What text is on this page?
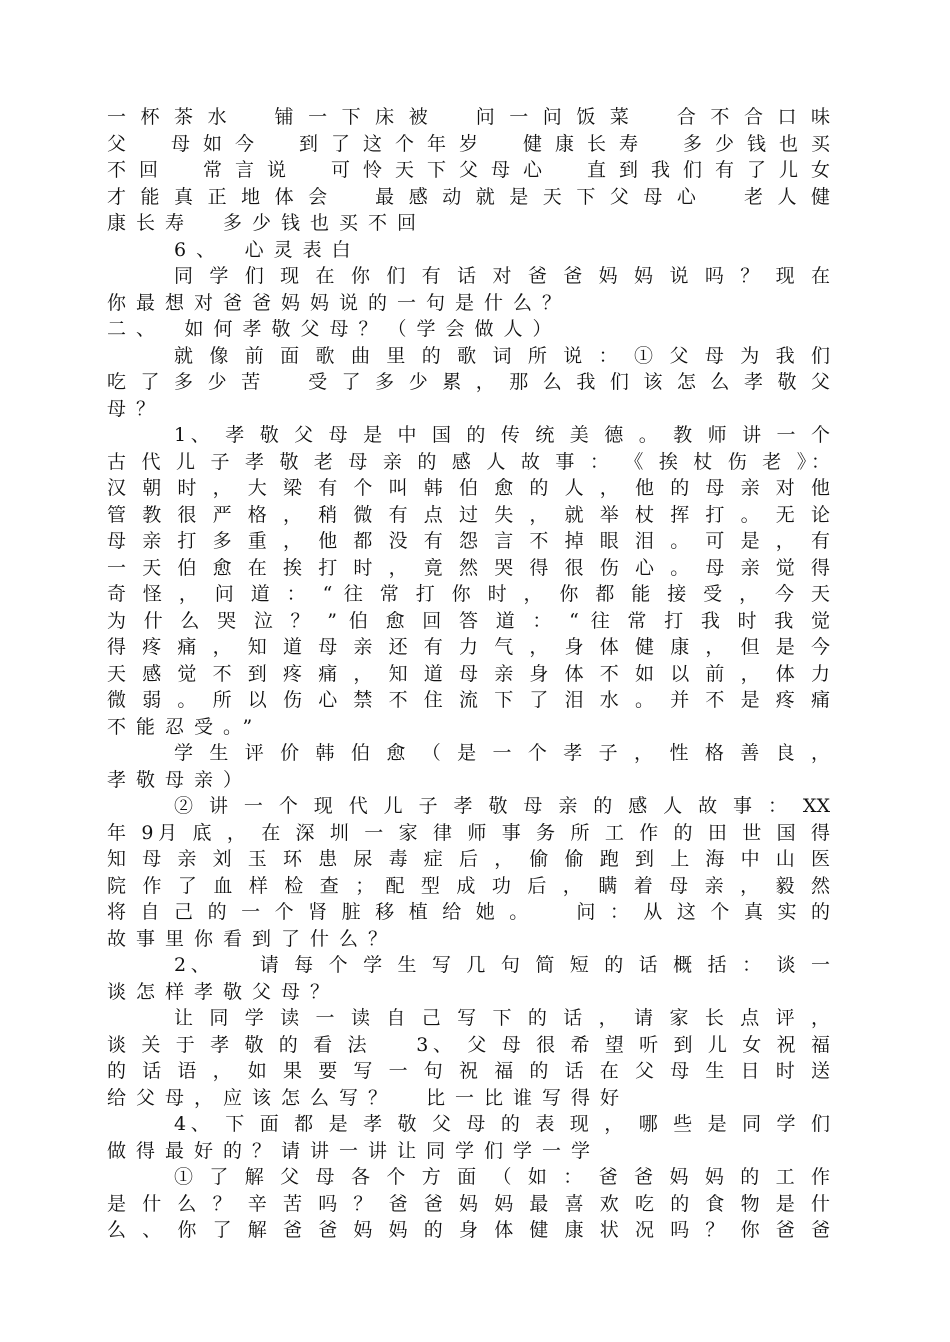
一 杯 茶 水 　 铺 一 下 床 被 　 问 一 问 饭 菜 　 合 不 合 口 味
父 　 母 如 今 　 到 了 这 个 年 岁 　 健 康 长 寿 　 多 少 钱 也 买
不 回 　 常 言 说 　 可 怜 天 下 父 母 心 　 直 到 我 们 有 了 儿 女
才 能 真 正 地 体 会 　 最 感 动 就 是 天 下 父 母 心 　 老 人 健
康长寿　多少钱也买不回
6、　心灵表白
同 学 们 现 在 你 们 有 话 对 爸 爸 妈 妈 说 吗 ？ 现 在
你最想对爸爸妈妈说的一句是什么？
二、　如何孝敬父母？（学会做人）
就 像 前 面 歌 曲 里 的 歌 词 所 说 ： ① 父 母 为 我 们
吃 了 多 少 苦 　 受 了 多 少 累 ， 那 么 我 们 该 怎 么 孝 敬 父
母？
1、 孝 敬 父 母 是 中 国 的 传 统 美 德 。 教 师 讲 一 个
古 代 儿 子 孝 敬 老 母 亲 的 感 人 故 事 ： 《 挨 杖 伤 老 》：
汉 朝 时 ， 大 梁 有 个 叫 韩 伯 愈 的 人 ， 他 的 母 亲 对 他
管 教 很 严 格 ， 稍 微 有 点 过 失 ， 就 举 杖 挥 打 。 无 论
母 亲 打 多 重 ， 他 都 没 有 怨 言 不 掉 眼 泪 。 可 是 ， 有
一 天 伯 愈 在 挨 打 时 ， 竟 然 哭 得 很 伤 心 。 母 亲 觉 得
奇 怪 ， 问 道 ： “ 往 常 打 你 时 ， 你 都 能 接 受 ， 今 天
为 什 么 哭 泣 ？ ” 伯 愈 回 答 道 ： “ 往 常 打 我 时 我 觉
得 疼 痛 ， 知 道 母 亲 还 有 力 气 ， 身 体 健 康 ， 但 是 今
天 感 觉 不 到 疼 痛 ， 知 道 母 亲 身 体 不 如 以 前 ， 体 力
微 弱 。 所 以 伤 心 禁 不 住 流 下 了 泪 水 。 并 不 是 疼 痛
不能忍受。”
学 生 评 价 韩 伯 愈 （ 是 一 个 孝 子 ， 性 格 善 良 ，
孝敬母亲）
② 讲 一 个 现 代 儿 子 孝 敬 母 亲 的 感 人 故 事 ： XX
年 9月 底 ， 在 深 圳 一 家 律 师 事 务 所 工 作 的 田 世 国 得
知 母 亲 刘 玉 环 患 尿 毒 症 后 ， 偷 偷 跑 到 上 海 中 山 医
院 作 了 血 样 检 查 ； 配 型 成 功 后 ， 瞒 着 母 亲 ， 毅 然
将 自 己 的 一 个 肾 脏 移 植 给 她 。 　 问 ： 从 这 个 真 实 的
故事里你看到了什么？
2、 　 请 每 个 学 生 写 几 句 简 短 的 话 概 括 ： 谈 一
谈怎样孝敬父母？
让 同 学 读 一 读 自 己 写 下 的 话 ， 请 家 长 点 评 ，
谈 关 于 孝 敬 的 看 法 　 3、 父 母 很 希 望 听 到 儿 女 祝 福
的 话 语 ， 如 果 要 写 一 句 祝 福 的 话 在 父 母 生 日 时 送
给父母，应该怎么写？　比一比谁写得好
4、 下 面 都 是 孝 敬 父 母 的 表 现 ， 哪 些 是 同 学 们
做得最好的？请讲一讲让同学们学一学
① 了 解 父 母 各 个 方 面 （ 如 ： 爸 爸 妈 妈 的 工 作
是 什 么 ？ 辛 苦 吗 ？ 爸 爸 妈 妈 最 喜 欢 吃 的 食 物 是 什
么 、 你 了 解 爸 爸 妈 妈 的 身 体 健 康 状 况 吗 ？ 你 爸 爸
